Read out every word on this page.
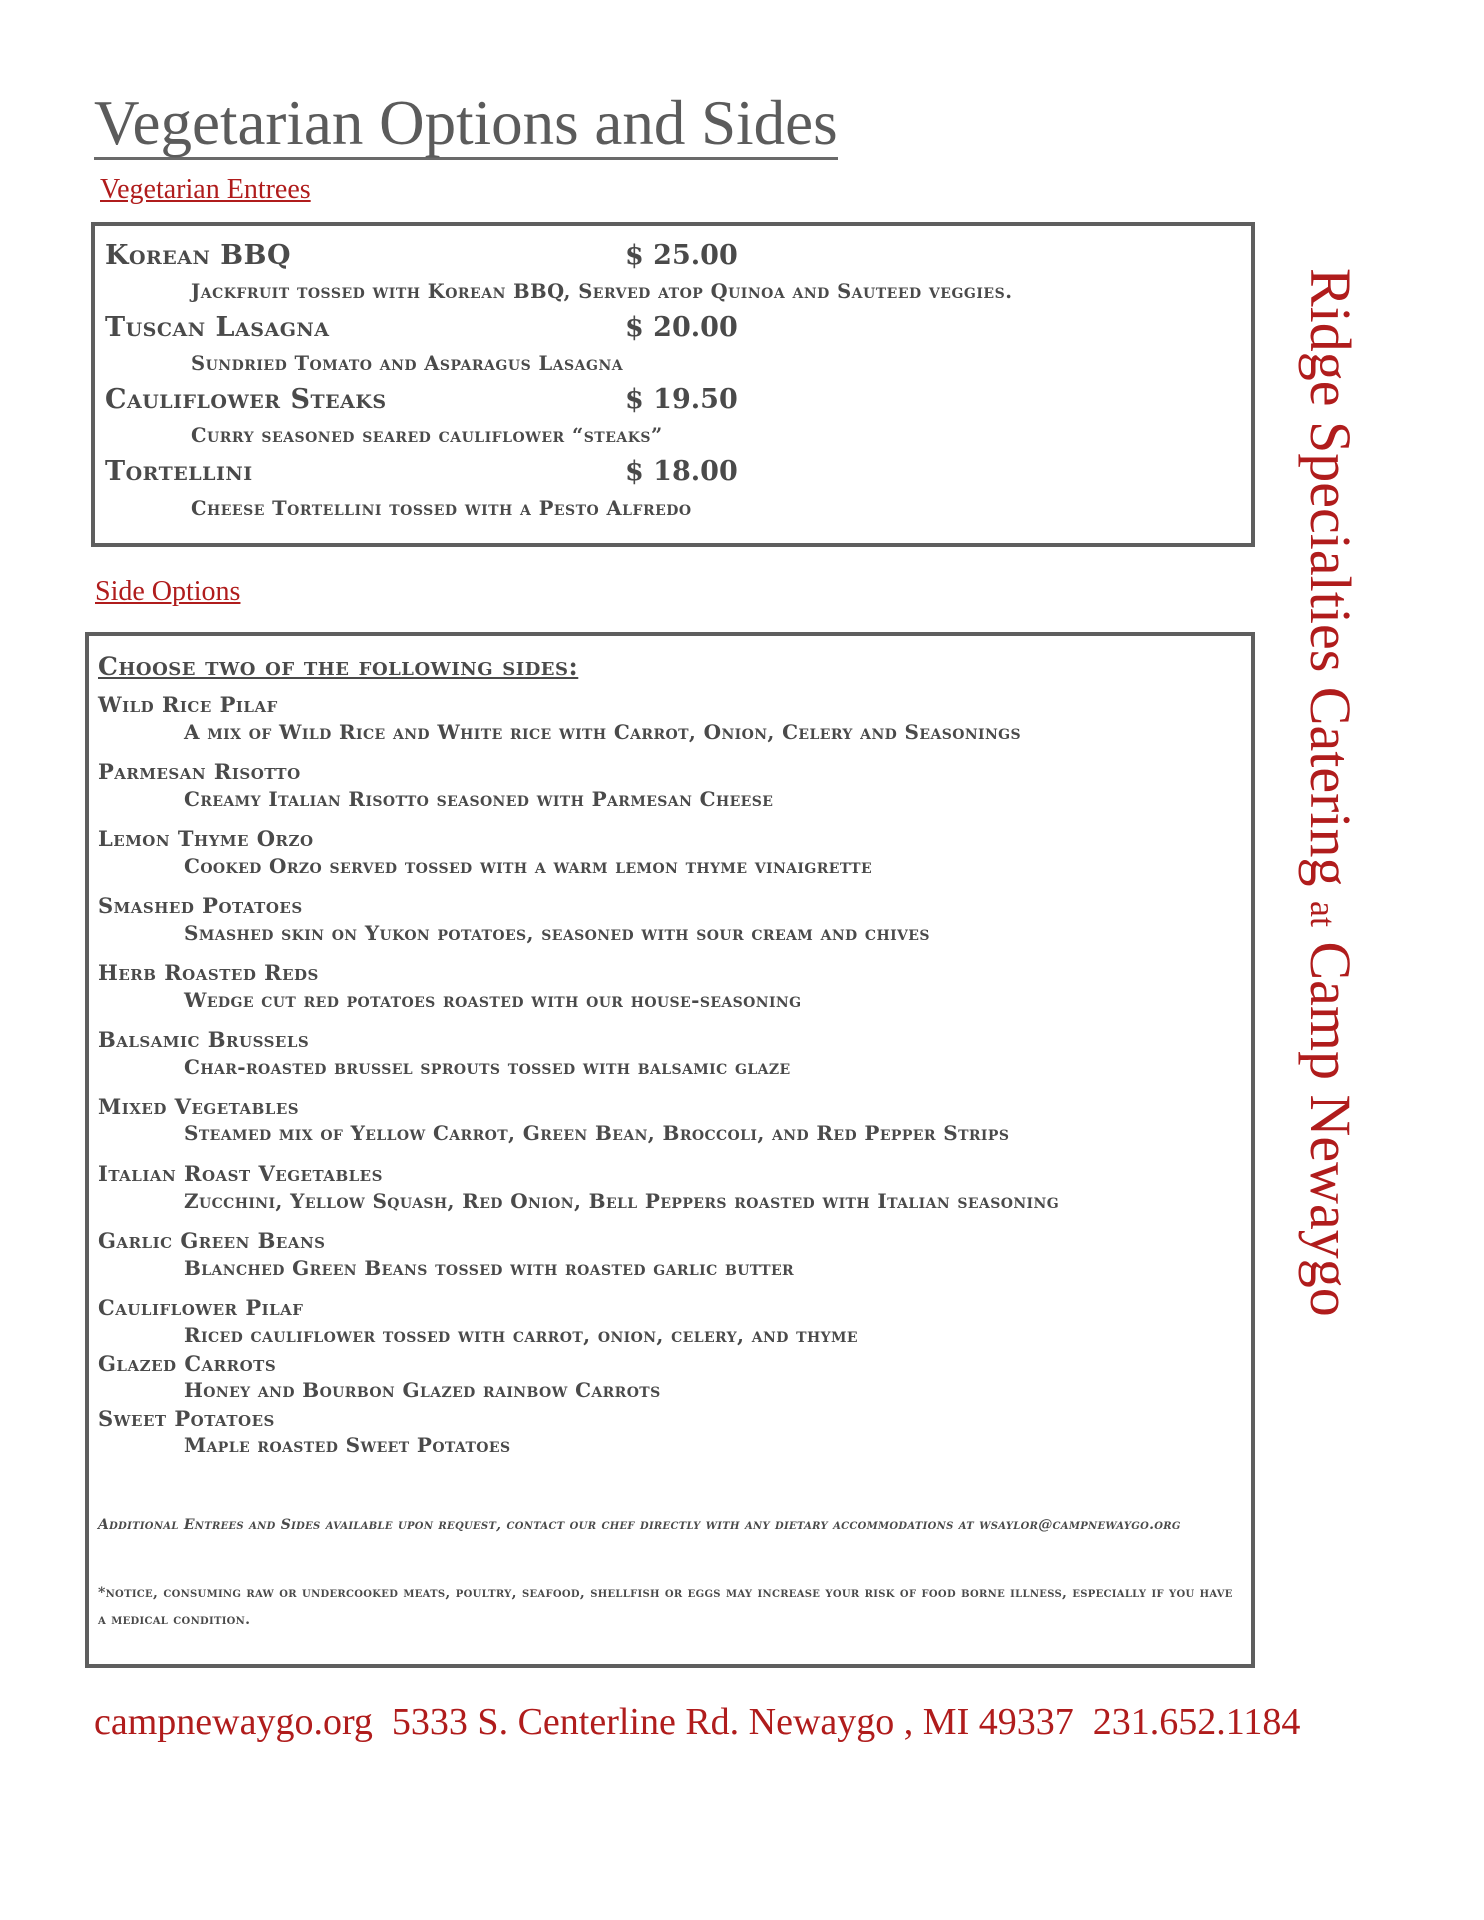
Vegetarian Options and Sides
Vegetarian Entrees
Korean BBQ	$ 25.00
Jackfruit tossed with Korean BBQ, Served atop Quinoa and Sauteed veggies.
Tuscan Lasagna	$ 20.00
Sundried Tomato and Asparagus Lasagna
Cauliflower Steaks	$ 19.50
Curry seasoned seared cauliflower “steaks”
Tortellini	$ 18.00
Cheese Tortellini tossed with a Pesto Alfredo
Side Options
Choose two of the following sides:
Wild Rice Pilaf
A mix of Wild Rice and White rice with Carrot, Onion, Celery and Seasonings
Parmesan Risotto
Creamy Italian Risotto seasoned with Parmesan Cheese
Lemon Thyme Orzo
Cooked Orzo served tossed with a warm lemon thyme vinaigrette
Smashed Potatoes
Smashed skin on Yukon potatoes, seasoned with sour cream and chives
Herb Roasted Reds
Wedge cut red potatoes roasted with our house-seasoning
Balsamic Brussels
Char-roasted brussel sprouts tossed with balsamic glaze
Mixed Vegetables
Steamed mix of Yellow Carrot, Green Bean, Broccoli, and Red Pepper Strips
Italian Roast Vegetables
Zucchini, Yellow Squash, Red Onion, Bell Peppers roasted with Italian seasoning
Garlic Green Beans
Blanched Green Beans tossed with roasted garlic butter
Cauliflower Pilaf
Riced cauliflower tossed with carrot, onion, celery, and thyme
Glazed Carrots
Honey and Bourbon Glazed rainbow Carrots
Sweet Potatoes
Maple roasted Sweet Potatoes
Additional Entrees and Sides available upon request, contact our chef directly with any dietary accommodations at wsaylor@campnewaygo.org
*notice, consuming raw or undercooked meats, poultry, seafood, shellfish or eggs may increase your risk of food borne illness, especially if you have a medical condition.
Ridge Specialties Catering at Camp Newaygo

campnewaygo.org  5333 S. Centerline Rd. Newaygo , MI 49337  231.652.1184
